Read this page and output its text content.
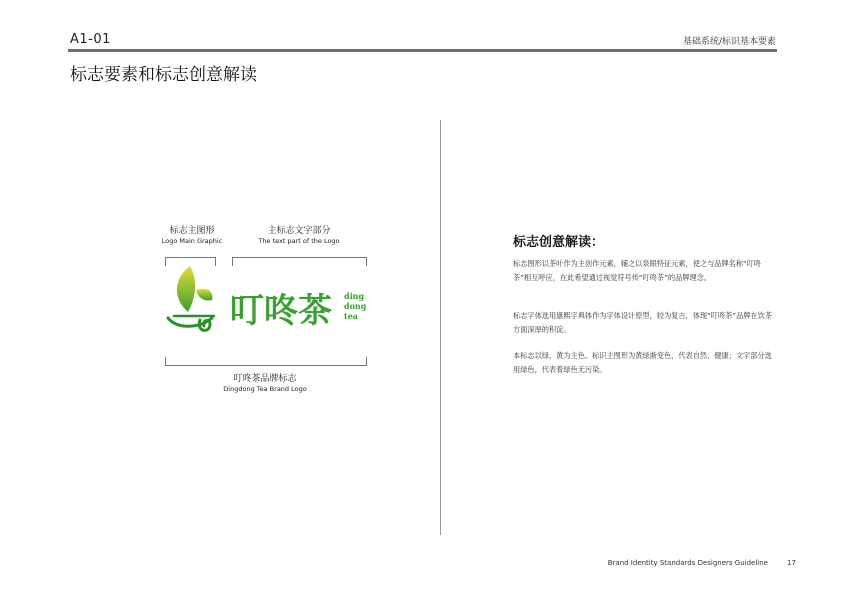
A1-01	基础系统/标识基本要素
标志要素和标志创意解读
标志主图形
Logo Main Graphic
主标志文字部分
The text part of the Logo
叮咚茶 ding
dong
tea
叮咚茶品牌标志
Dingdong Tea Brand Logo
标志创意解读：

标志图形以茶叶作为主创作元素，辅之以泉眼特征元素，使之与品牌名称“叮咚茶”相互呼应，在此希望通过视觉符号传“叮咚茶”的品牌理念。

标志字体选用康熙字典体作为字体设计原型，较为复古，体现“叮咚茶”品牌在饮茶方面深厚的积淀。

本标志以绿、黄为主色。标识主图形为黄绿渐变色，代表自然、健康；文字部分选用绿色，代表着绿色无污染。

Brand Identity Standards Designers Guideline	17
